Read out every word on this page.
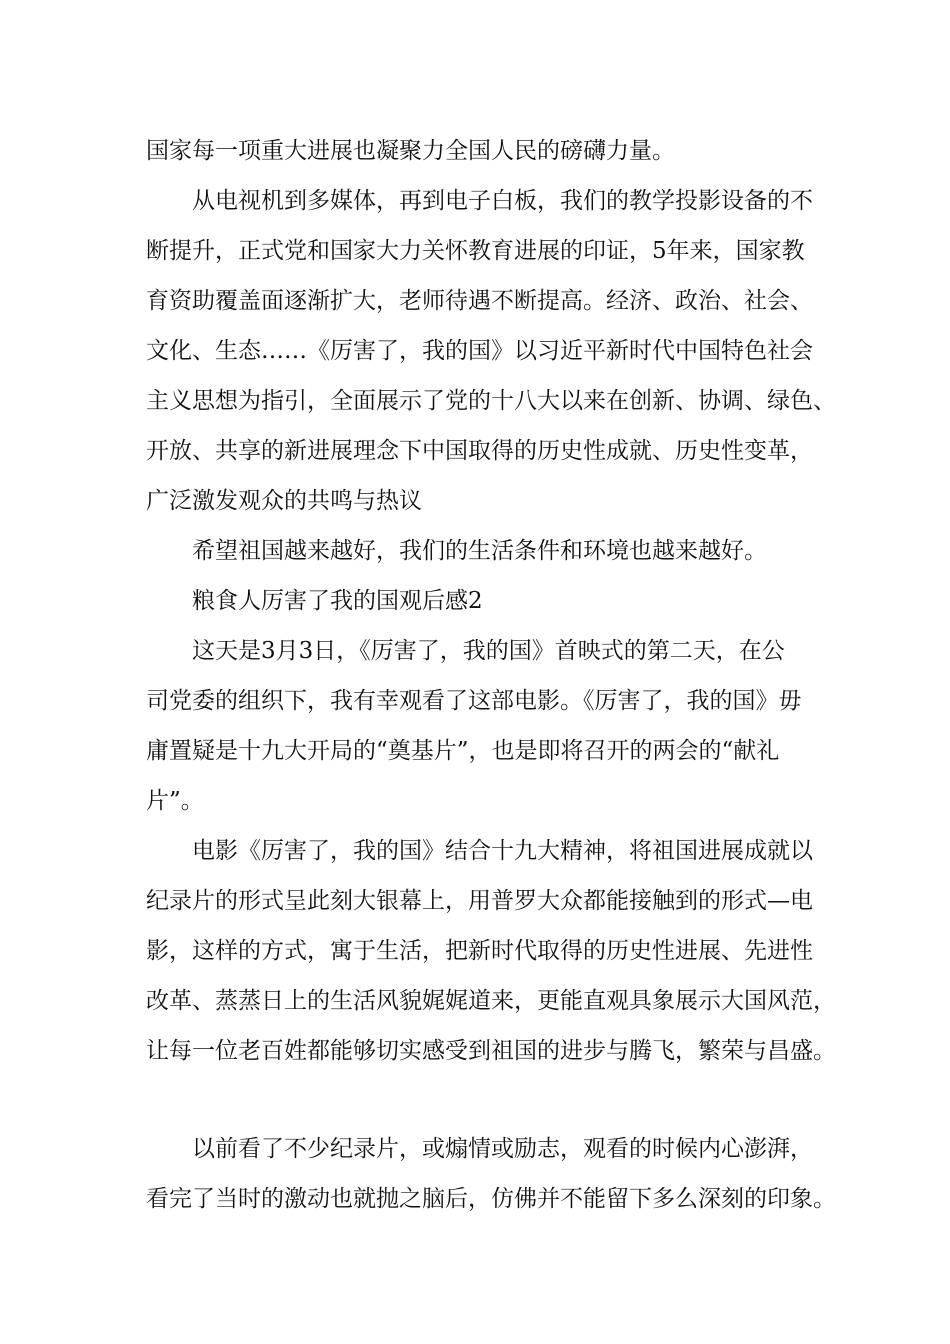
国家每一项重大进展也凝聚力全国人民的磅礴力量。
从电视机到多媒体，再到电子白板，我们的教学投影设备的不
断提升，正式党和国家大力关怀教育进展的印证，5年来，国家教
育资助覆盖面逐渐扩大，老师待遇不断提高。经济、政治、社会、
文化、生态……《厉害了，我的国》以习近平新时代中国特色社会
主义思想为指引，全面展示了党的十八大以来在创新、协调、绿色、
开放、共享的新进展理念下中国取得的历史性成就、历史性变革，
广泛激发观众的共鸣与热议
希望祖国越来越好，我们的生活条件和环境也越来越好。
粮食人厉害了我的国观后感2
这天是3月3日，《厉害了，我的国》首映式的第二天，在公
司党委的组织下，我有幸观看了这部电影。《厉害了，我的国》毋
庸置疑是十九大开局的“奠基片”，也是即将召开的两会的“献礼
片”。
电影《厉害了，我的国》结合十九大精神，将祖国进展成就以
纪录片的形式呈此刻大银幕上，用普罗大众都能接触到的形式—电
影，这样的方式，寓于生活，把新时代取得的历史性进展、先进性
改革、蒸蒸日上的生活风貌娓娓道来，更能直观具象展示大国风范，
让每一位老百姓都能够切实感受到祖国的进步与腾飞，繁荣与昌盛。
以前看了不少纪录片，或煽情或励志，观看的时候内心澎湃，
看完了当时的激动也就抛之脑后，仿佛并不能留下多么深刻的印象。
